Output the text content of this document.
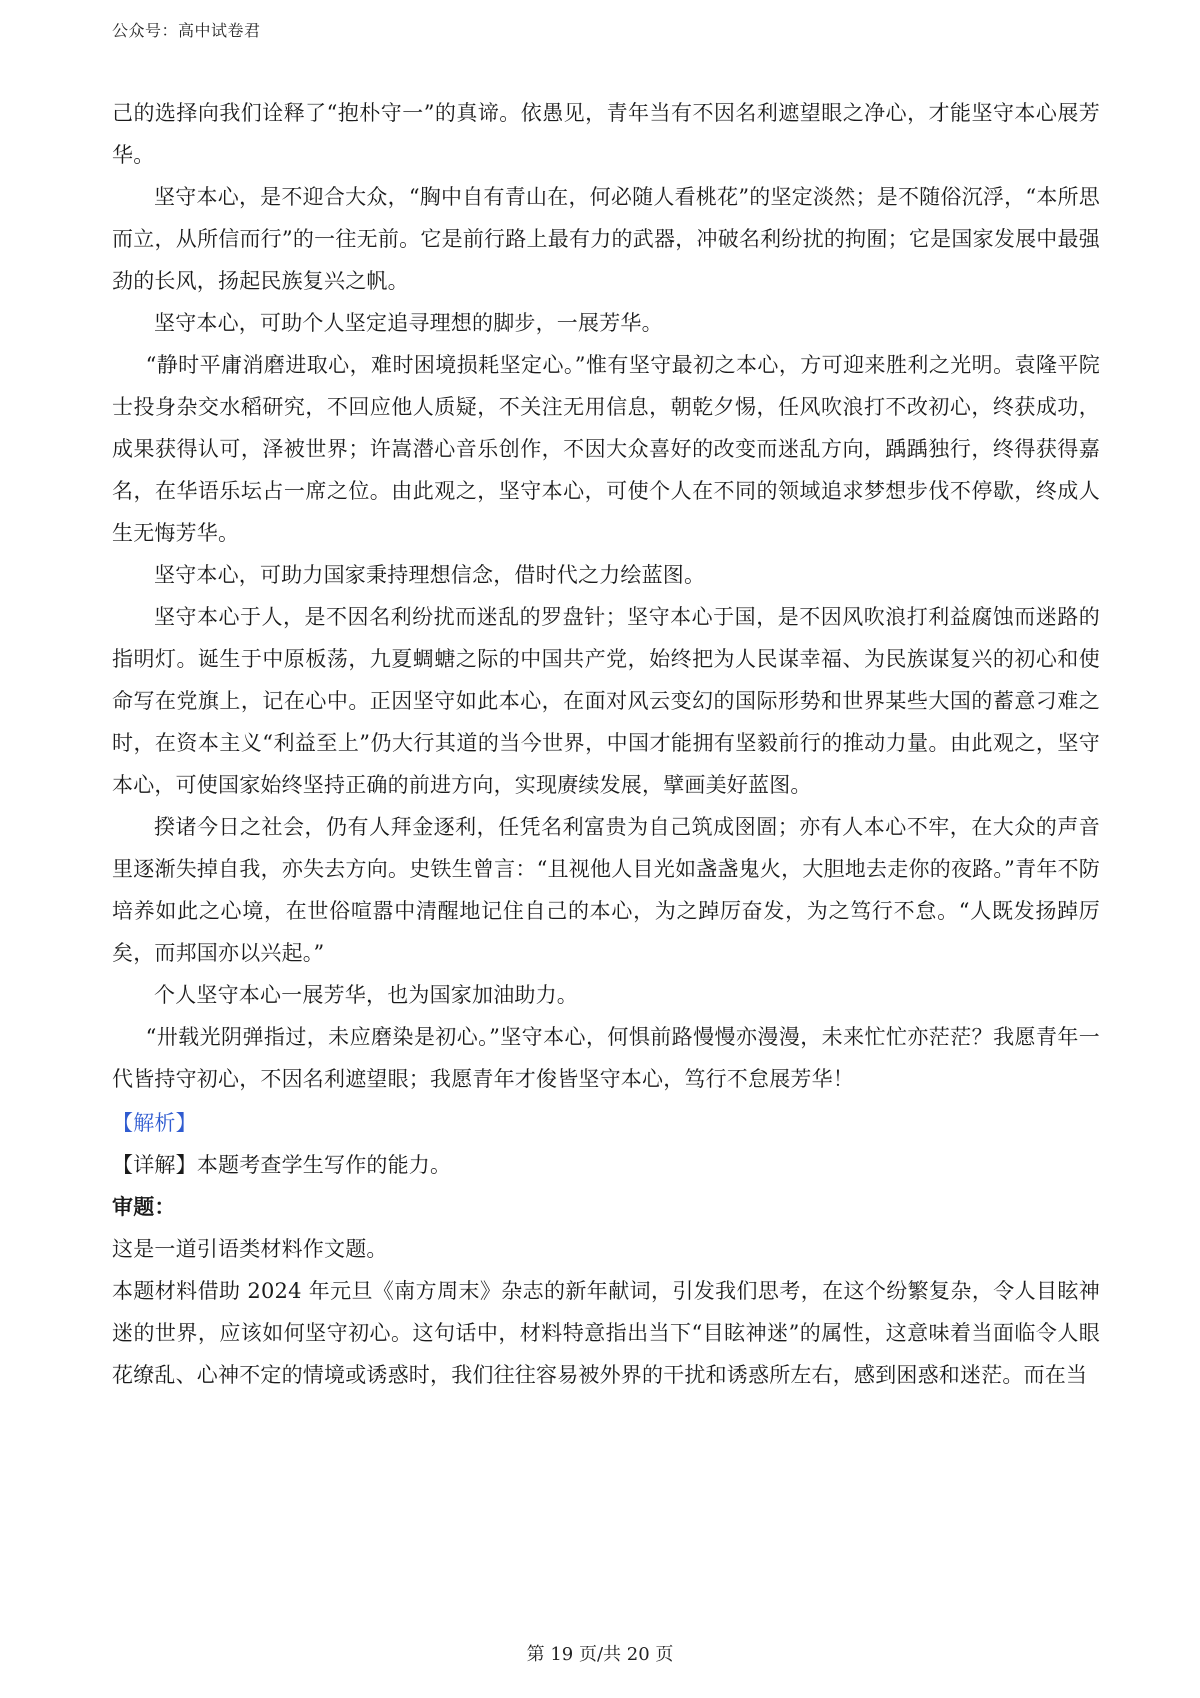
公众号：高中试卷君

己的选择向我们诠释了“抱朴守一”的真谛。依愚见，青年当有不因名利遮望眼之净心，才能坚守本心展芳华。

坚守本心，是不迎合大众，“胸中自有青山在，何必随人看桃花”的坚定淡然；是不随俗沉浮，“本所思而立，从所信而行”的一往无前。它是前行路上最有力的武器，冲破名利纷扰的拘囿；它是国家发展中最强劲的长风，扬起民族复兴之帆。

坚守本心，可助个人坚定追寻理想的脚步，一展芳华。

“静时平庸消磨进取心，难时困境损耗坚定心。”惟有坚守最初之本心，方可迎来胜利之光明。袁隆平院士投身杂交水稻研究，不回应他人质疑，不关注无用信息，朝乾夕惕，任风吹浪打不改初心，终获成功，成果获得认可，泽被世界；许嵩潜心音乐创作，不因大众喜好的改变而迷乱方向，踽踽独行，终得获得嘉名，在华语乐坛占一席之位。由此观之，坚守本心，可使个人在不同的领域追求梦想步伐不停歇，终成人生无悔芳华。

坚守本心，可助力国家秉持理想信念，借时代之力绘蓝图。

坚守本心于人，是不因名利纷扰而迷乱的罗盘针；坚守本心于国，是不因风吹浪打利益腐蚀而迷路的指明灯。诞生于中原板荡，九夏蜩螗之际的中国共产党，始终把为人民谋幸福、为民族谋复兴的初心和使命写在党旗上，记在心中。正因坚守如此本心，在面对风云变幻的国际形势和世界某些大国的蓄意刁难之时，在资本主义“利益至上”仍大行其道的当今世界，中国才能拥有坚毅前行的推动力量。由此观之，坚守本心，可使国家始终坚持正确的前进方向，实现赓续发展，擘画美好蓝图。

揆诸今日之社会，仍有人拜金逐利，任凭名利富贵为自己筑成囹圄；亦有人本心不牢，在大众的声音里逐渐失掉自我，亦失去方向。史铁生曾言：“且视他人目光如盏盏鬼火，大胆地去走你的夜路。”青年不防培养如此之心境，在世俗喧嚣中清醒地记住自己的本心，为之踔厉奋发，为之笃行不怠。“人既发扬踔厉矣，而邦国亦以兴起。”

个人坚守本心一展芳华，也为国家加油助力。

“卅载光阴弹指过，未应磨染是初心。”坚守本心，何惧前路慢慢亦漫漫，未来忙忙亦茫茫？我愿青年一代皆持守初心，不因名利遮望眼；我愿青年才俊皆坚守本心，笃行不怠展芳华！

【解析】

【详解】本题考查学生写作的能力。

审题：

这是一道引语类材料作文题。

本题材料借助 2024 年元旦《南方周末》杂志的新年献词，引发我们思考，在这个纷繁复杂，令人目眩神迷的世界，应该如何坚守初心。这句话中，材料特意指出当下“目眩神迷”的属性，这意味着当面临令人眼花缭乱、心神不定的情境或诱惑时，我们往往容易被外界的干扰和诱惑所左右，感到困惑和迷茫。而在当

第 19 页/共 20 页
